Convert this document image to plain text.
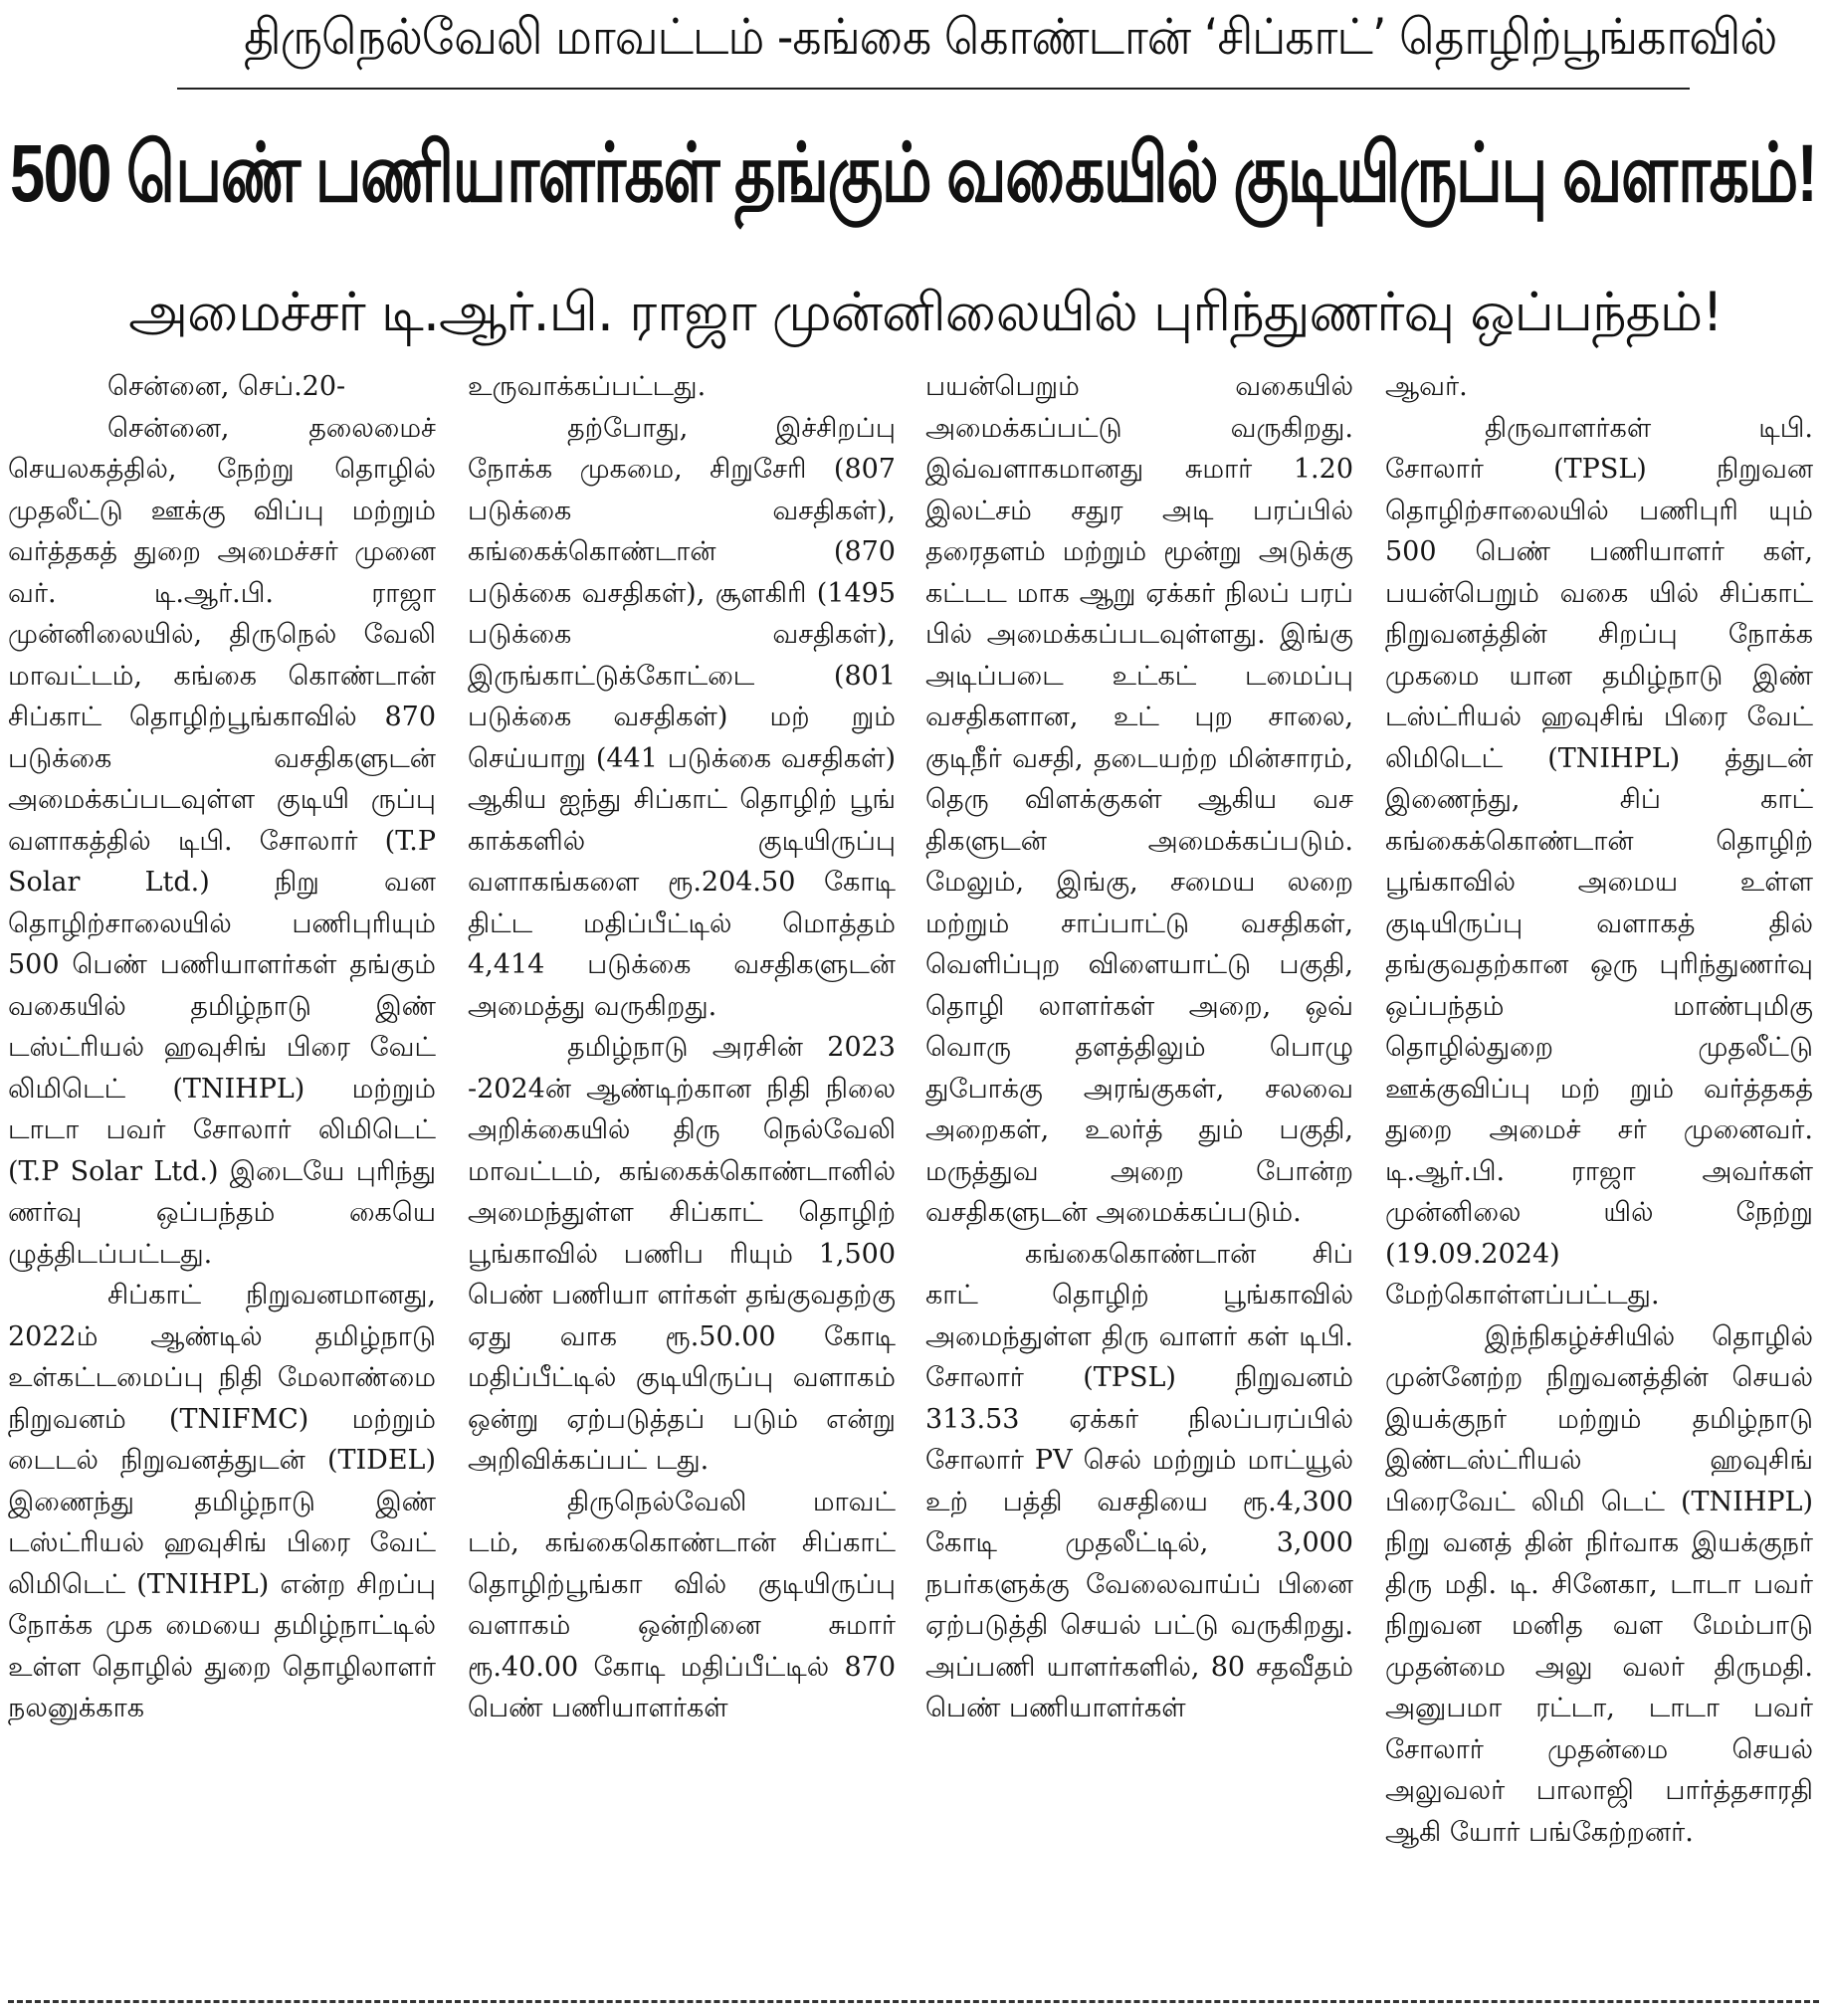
திருநெல்வேலி மாவட்டம் -கங்கை கொண்டான் ‘சிப்காட்’ தொழிற்பூங்காவில்
500 பெண் பணியாளர்கள் தங்கும் வகையில் குடியிருப்பு வளாகம்!
அமைச்சர் டி.ஆர்.பி. ராஜா முன்னிலையில் புரிந்துணர்வு ஒப்பந்தம்!

சென்னை, செப்.20-

சென்னை, தலைமைச் செயலகத்தில், நேற்று தொழில் முதலீட்டு ஊக்கு விப்பு மற்றும் வர்த்தகத் துறை அமைச்சர் முனை வர். டி.ஆர்.பி. ராஜா முன்னிலையில், திருநெல் வேலி மாவட்டம், கங்கை கொண்டான் சிப்காட் தொழிற்பூங்காவில் 870 படுக்கை வசதிகளுடன் அமைக்கப்படவுள்ள குடியி ருப்பு வளாகத்தில் டிபி. சோலார் (T.P Solar Ltd.) நிறு வன தொழிற்சாலையில் பணிபுரியும் 500 பெண் பணியாளர்கள் தங்கும் வகையில் தமிழ்நாடு இண் டஸ்ட்ரியல் ஹவுசிங் பிரை வேட் லிமிடெட் (TNIHPL) மற்றும் டாடா பவர் சோலார் லிமிடெட் (T.P Solar Ltd.) இடையே புரிந்து ணர்வு ஒப்பந்தம் கையெ ழுத்திடப்பட்டது.

சிப்காட் நிறுவனமானது, 2022ம் ஆண்டில் தமிழ்நாடு உள்கட்டமைப்பு நிதி மேலாண்மை நிறுவனம் (TNIFMC) மற்றும் டைடல் நிறுவனத்துடன் (TIDEL) இணைந்து தமிழ்நாடு இண் டஸ்ட்ரியல் ஹவுசிங் பிரை வேட் லிமிடெட் (TNIHPL) என்ற சிறப்பு நோக்க முக மையை தமிழ்நாட்டில் உள்ள தொழில் துறை தொழிலாளர் நலனுக்காக

உருவாக்கப்பட்டது.

தற்போது, இச்சிறப்பு நோக்க முகமை, சிறுசேரி (807 படுக்கை வசதிகள்), கங்கைக்கொண்டான் (870 படுக்கை வசதிகள்), சூளகிரி (1495 படுக்கை வசதிகள்), இருங்காட்டுக்கோட்டை (801 படுக்கை வசதிகள்) மற் றும் செய்யாறு (441 படுக்கை வசதிகள்) ஆகிய ஐந்து சிப்காட் தொழிற் பூங் காக்களில் குடியிருப்பு வளாகங்களை ரூ.204.50 கோடி திட்ட மதிப்பீட்டில் மொத்தம் 4,414 படுக்கை வசதிகளுடன் அமைத்து வருகிறது.

தமிழ்நாடு அரசின் 2023 -2024ன் ஆண்டிற்கான நிதி நிலை அறிக்கையில் திரு நெல்வேலி மாவட்டம், கங்கைக்கொண்டானில் அமைந்துள்ள சிப்காட் தொழிற் பூங்காவில் பணிப ரியும் 1,500 பெண் பணியா ளர்கள் தங்குவதற்கு ஏது வாக ரூ.50.00 கோடி மதிப்பீட்டில் குடியிருப்பு வளாகம் ஒன்று ஏற்படுத்தப் படும் என்று அறிவிக்கப்பட் டது.

திருநெல்வேலி மாவட் டம், கங்கைகொண்டான் சிப்காட் தொழிற்பூங்கா வில் குடியிருப்பு வளாகம் ஒன்றினை சுமார் ரூ.40.00 கோடி மதிப்பீட்டில் 870 பெண் பணியாளர்கள்

பயன்பெறும் வகையில் அமைக்கப்பட்டு வருகிறது. இவ்வளாகமானது சுமார் 1.20 இலட்சம் சதுர அடி பரப்பில் தரைதளம் மற்றும் மூன்று அடுக்கு கட்டட மாக ஆறு ஏக்கர் நிலப் பரப் பில் அமைக்கப்படவுள்ளது. இங்கு அடிப்படை உட்கட் டமைப்பு வசதிகளான, உட் புற சாலை, குடிநீர் வசதி, தடையற்ற மின்சாரம், தெரு விளக்குகள் ஆகிய வச திகளுடன் அமைக்கப்படும். மேலும், இங்கு, சமைய லறை மற்றும் சாப்பாட்டு வசதிகள், வெளிப்புற விளையாட்டு பகுதி, தொழி லாளர்கள் அறை, ஒவ் வொரு தளத்திலும் பொழு துபோக்கு அரங்குகள், சலவை அறைகள், உலர்த் தும் பகுதி, மருத்துவ அறை போன்ற வசதிகளுடன் அமைக்கப்படும்.

கங்கைகொண்டான் சிப் காட் தொழிற் பூங்காவில் அமைந்துள்ள திரு வாளர் கள் டிபி. சோலார் (TPSL) நிறுவனம் 313.53 ஏக்கர் நிலப்பரப்பில் சோலார் PV செல் மற்றும் மாட்யூல் உற் பத்தி வசதியை ரூ.4,300 கோடி முதலீட்டில், 3,000 நபர்களுக்கு வேலைவாய்ப் பினை ஏற்படுத்தி செயல் பட்டு வருகிறது. அப்பணி யாளர்களில், 80 சதவீதம் பெண் பணியாளர்கள்

ஆவர்.

திருவாளர்கள் டிபி. சோலார் (TPSL) நிறுவன தொழிற்சாலையில் பணிபுரி யும் 500 பெண் பணியாளர் கள், பயன்பெறும் வகை யில் சிப்காட் நிறுவனத்தின் சிறப்பு நோக்க முகமை யான தமிழ்நாடு இண் டஸ்ட்ரியல் ஹவுசிங் பிரை வேட் லிமிடெட் (TNIHPL) த்துடன் இணைந்து, சிப் காட் கங்கைக்கொண்டான் தொழிற் பூங்காவில் அமைய உள்ள குடியிருப்பு வளாகத் தில் தங்குவதற்கான ஒரு புரிந்துணர்வு ஒப்பந்தம் மாண்புமிகு தொழில்துறை முதலீட்டு ஊக்குவிப்பு மற் றும் வர்த்தகத் துறை அமைச் சர் முனைவர். டி.ஆர்.பி. ராஜா அவர்கள் முன்னிலை யில் நேற்று (19.09.2024) மேற்கொள்ளப்பட்டது.

இந்நிகழ்ச்சியில் தொழில் முன்னேற்ற நிறுவனத்தின் செயல் இயக்குநர் மற்றும் தமிழ்நாடு இண்டஸ்ட்ரியல் ஹவுசிங் பிரைவேட் லிமி டெட் (TNIHPL) நிறு வனத் தின் நிர்வாக இயக்குநர் திரு மதி. டி. சினேகா, டாடா பவர் நிறுவன மனித வள மேம்பாடு முதன்மை அலு வலர் திருமதி. அனுபமா ரட்டா, டாடா பவர் சோலார் முதன்மை செயல் அலுவலர் பாலாஜி பார்த்தசாரதி ஆகி யோர் பங்கேற்றனர்.
